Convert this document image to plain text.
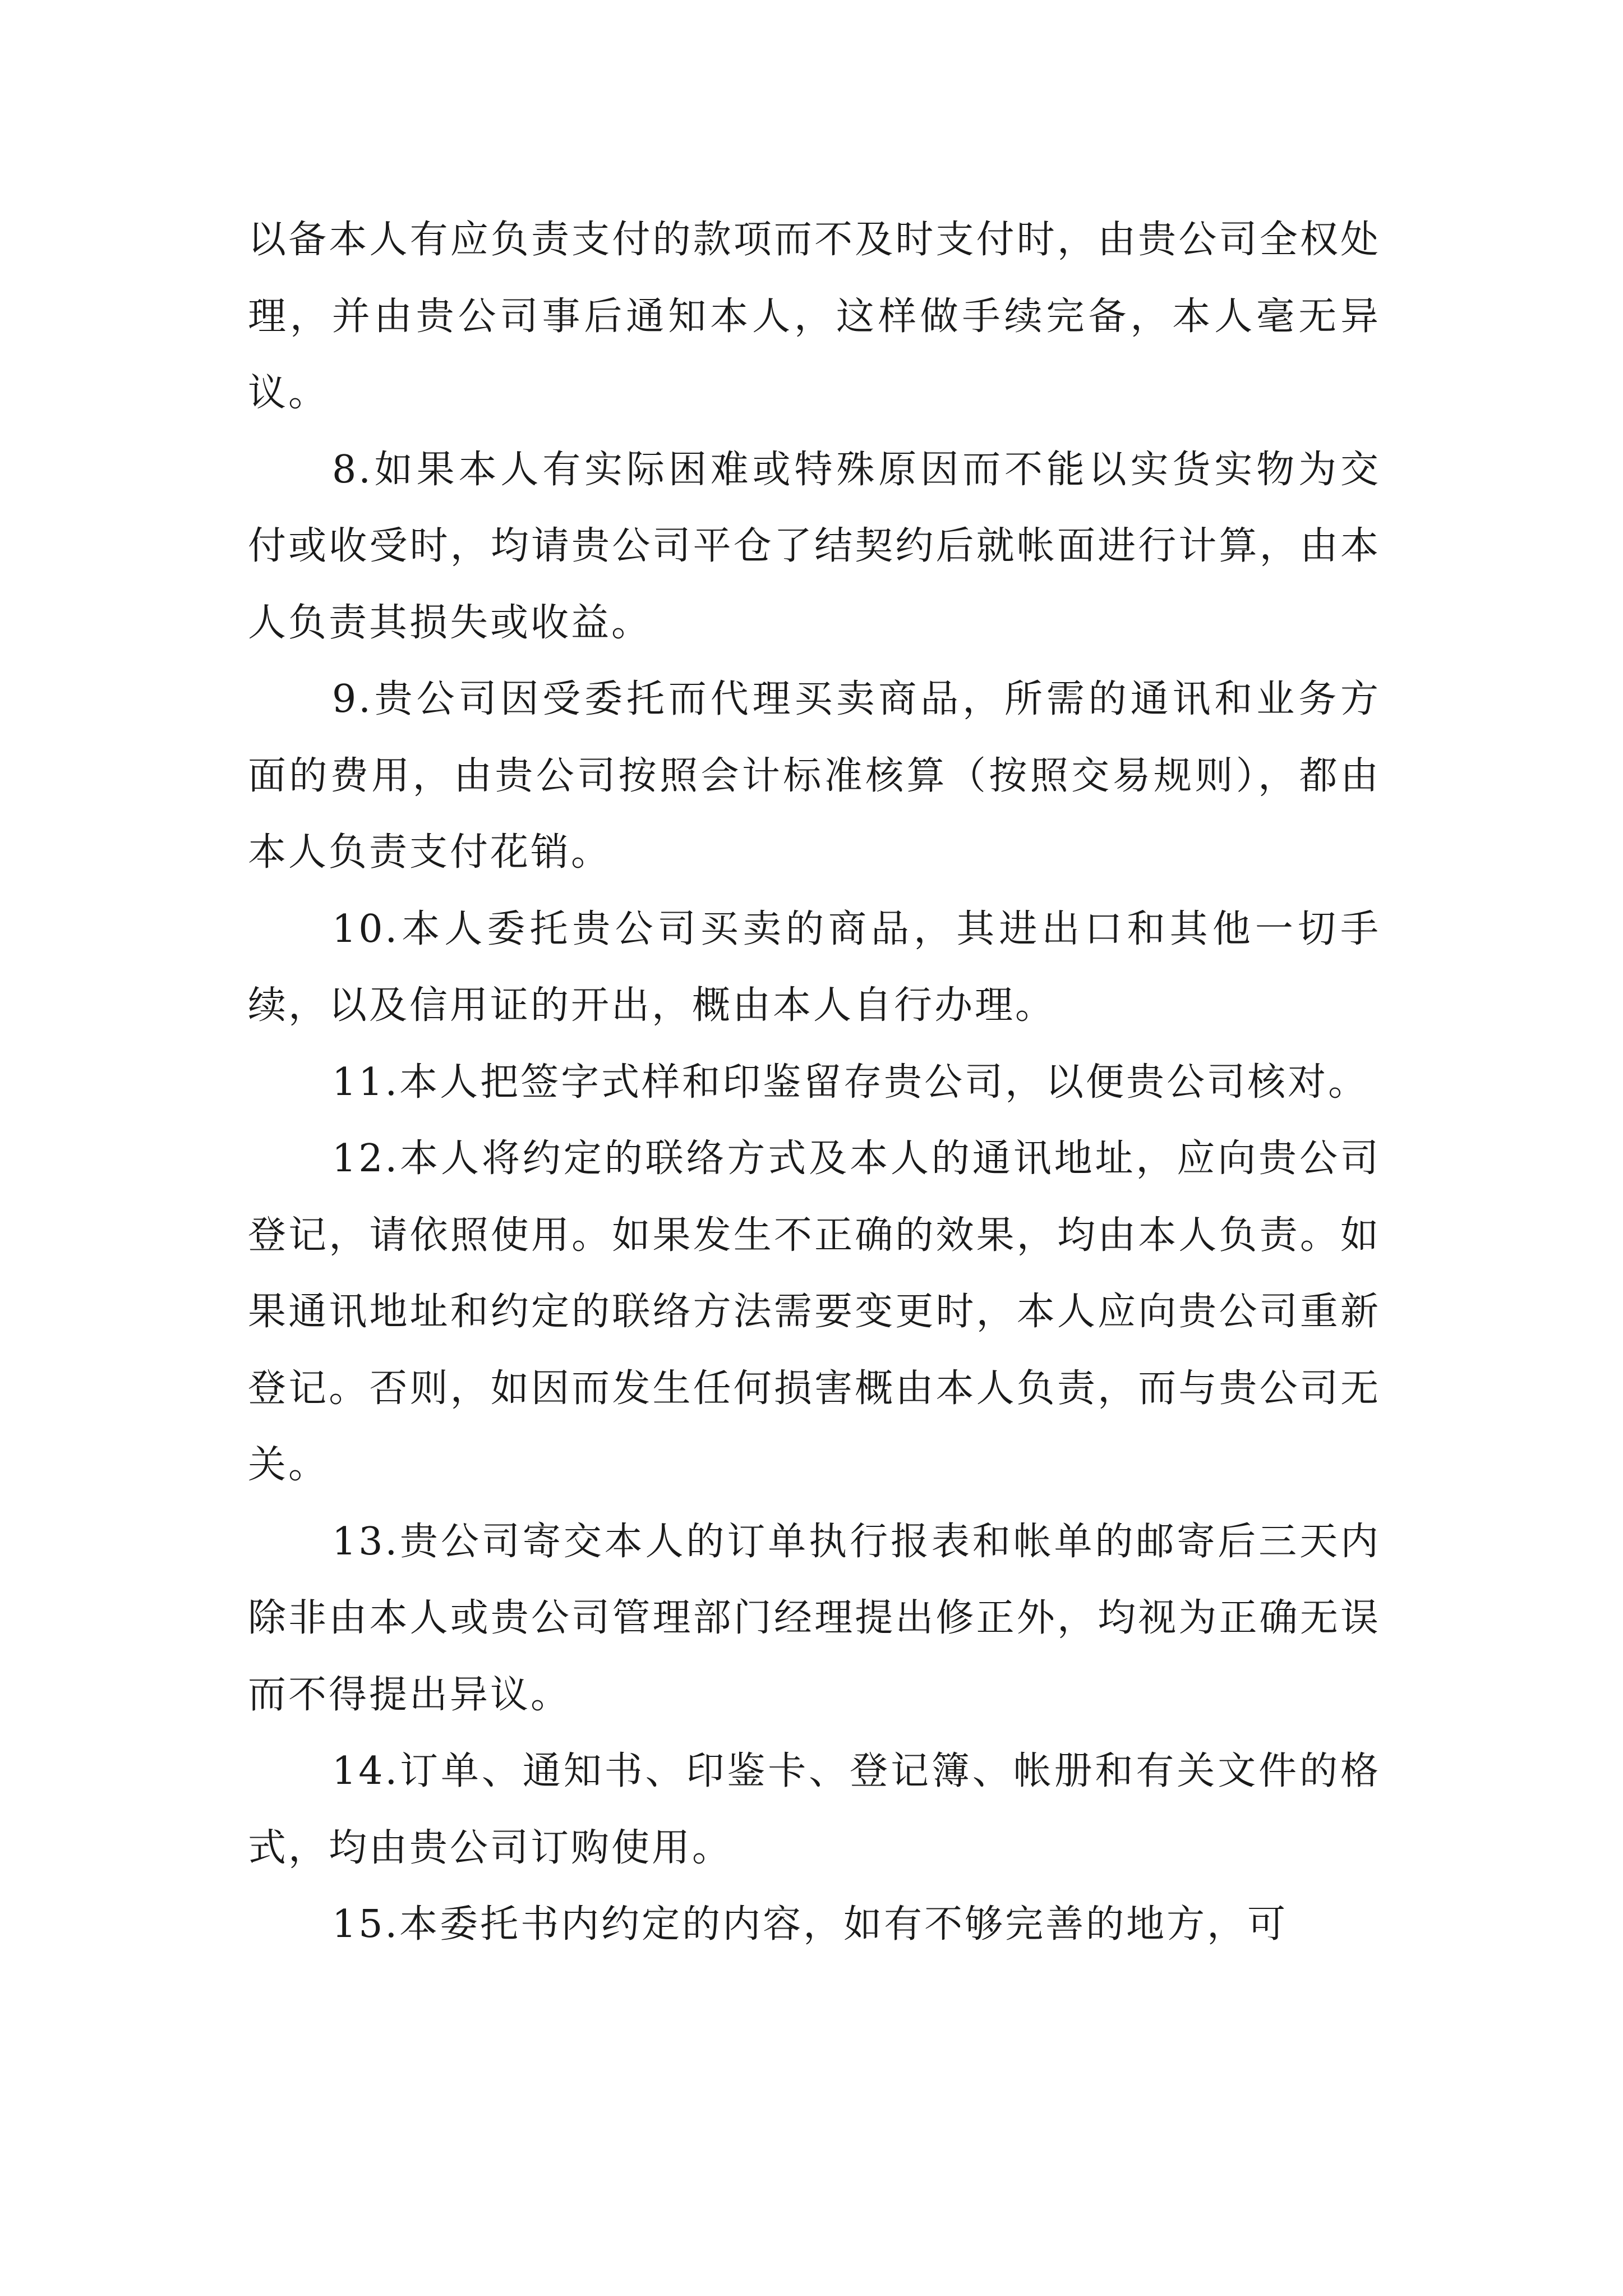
以备本人有应负责支付的款项而不及时支付时，由贵公司全权处理，并由贵公司事后通知本人，这样做手续完备，本人毫无异议。

8.如果本人有实际困难或特殊原因而不能以实货实物为交付或收受时，均请贵公司平仓了结契约后就帐面进行计算，由本人负责其损失或收益。

9.贵公司因受委托而代理买卖商品，所需的通讯和业务方面的费用，由贵公司按照会计标准核算（按照交易规则），都由本人负责支付花销。

10.本人委托贵公司买卖的商品，其进出口和其他一切手续，以及信用证的开出，概由本人自行办理。

11.本人把签字式样和印鉴留存贵公司，以便贵公司核对。

12.本人将约定的联络方式及本人的通讯地址，应向贵公司登记，请依照使用。如果发生不正确的效果，均由本人负责。如果通讯地址和约定的联络方法需要变更时，本人应向贵公司重新登记。否则，如因而发生任何损害概由本人负责，而与贵公司无关。

13.贵公司寄交本人的订单执行报表和帐单的邮寄后三天内除非由本人或贵公司管理部门经理提出修正外，均视为正确无误而不得提出异议。

14.订单、通知书、印鉴卡、登记簿、帐册和有关文件的格式，均由贵公司订购使用。

15.本委托书内约定的内容，如有不够完善的地方，可
